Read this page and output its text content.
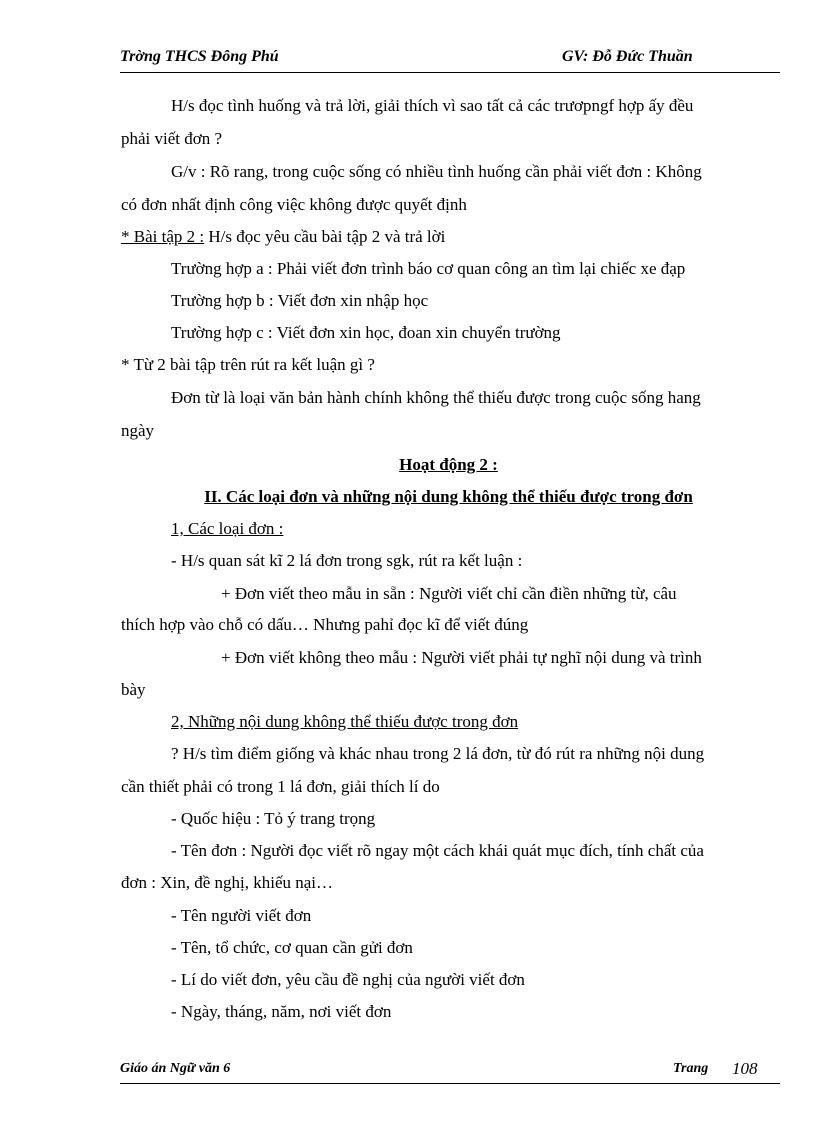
Trờng THCS Đông Phú	GV: Đỗ Đức Thuần
H/s đọc tình huống và trả lời, giải thích vì sao tất cả các trươpngf hợp ấy đều
phải viết đơn ?
G/v : Rõ rang, trong cuộc sống có nhiều tình huống cần phải viết đơn : Không
có đơn nhất định công việc không được quyết định
* Bài tập 2 : H/s đọc yêu cầu bài tập 2 và trả lời
Trường hợp a : Phải viết đơn trình báo cơ quan công an tìm lại chiếc xe đạp
Trường hợp b : Viết đơn xin nhập học
Trường hợp c : Viết đơn xin học, đoan xin chuyển trường
* Từ 2 bài tập trên rút ra kết luận gì ?
Đơn từ là loại văn bản hành chính không thể thiếu được trong cuộc sống hang
ngày
Hoạt động 2 :
II. Các loại đơn và những nội dung không thể thiếu được trong đơn
1, Các loại đơn :
- H/s quan sát kĩ 2 lá đơn trong sgk, rút ra kết luận :
+ Đơn viết theo mẫu in sẵn : Người viết chỉ cần điền những từ, câu
thích hợp vào chỗ có dấu… Nhưng pahỉ đọc kĩ để viết đúng
+ Đơn viết không theo mẫu : Người viết phải tự nghĩ nội dung và trình
bày
2, Những nội dung không thể thiếu được trong đơn
? H/s tìm điểm giống và khác nhau trong 2 lá đơn, từ đó rút ra những nội dung
cần thiết phải có trong 1 lá đơn, giải thích lí do
- Quốc hiệu : Tỏ ý trang trọng
- Tên đơn : Người đọc viết rõ ngay một cách khái quát mục đích, tính chất của
đơn : Xin, đề nghị, khiếu nại…
- Tên người viết đơn
- Tên, tổ chức, cơ quan cần gửi đơn
- Lí do viết đơn, yêu cầu đề nghị của người viết đơn
- Ngày, tháng, năm, nơi viết đơn
Giáo án Ngữ văn 6	Trang 108
